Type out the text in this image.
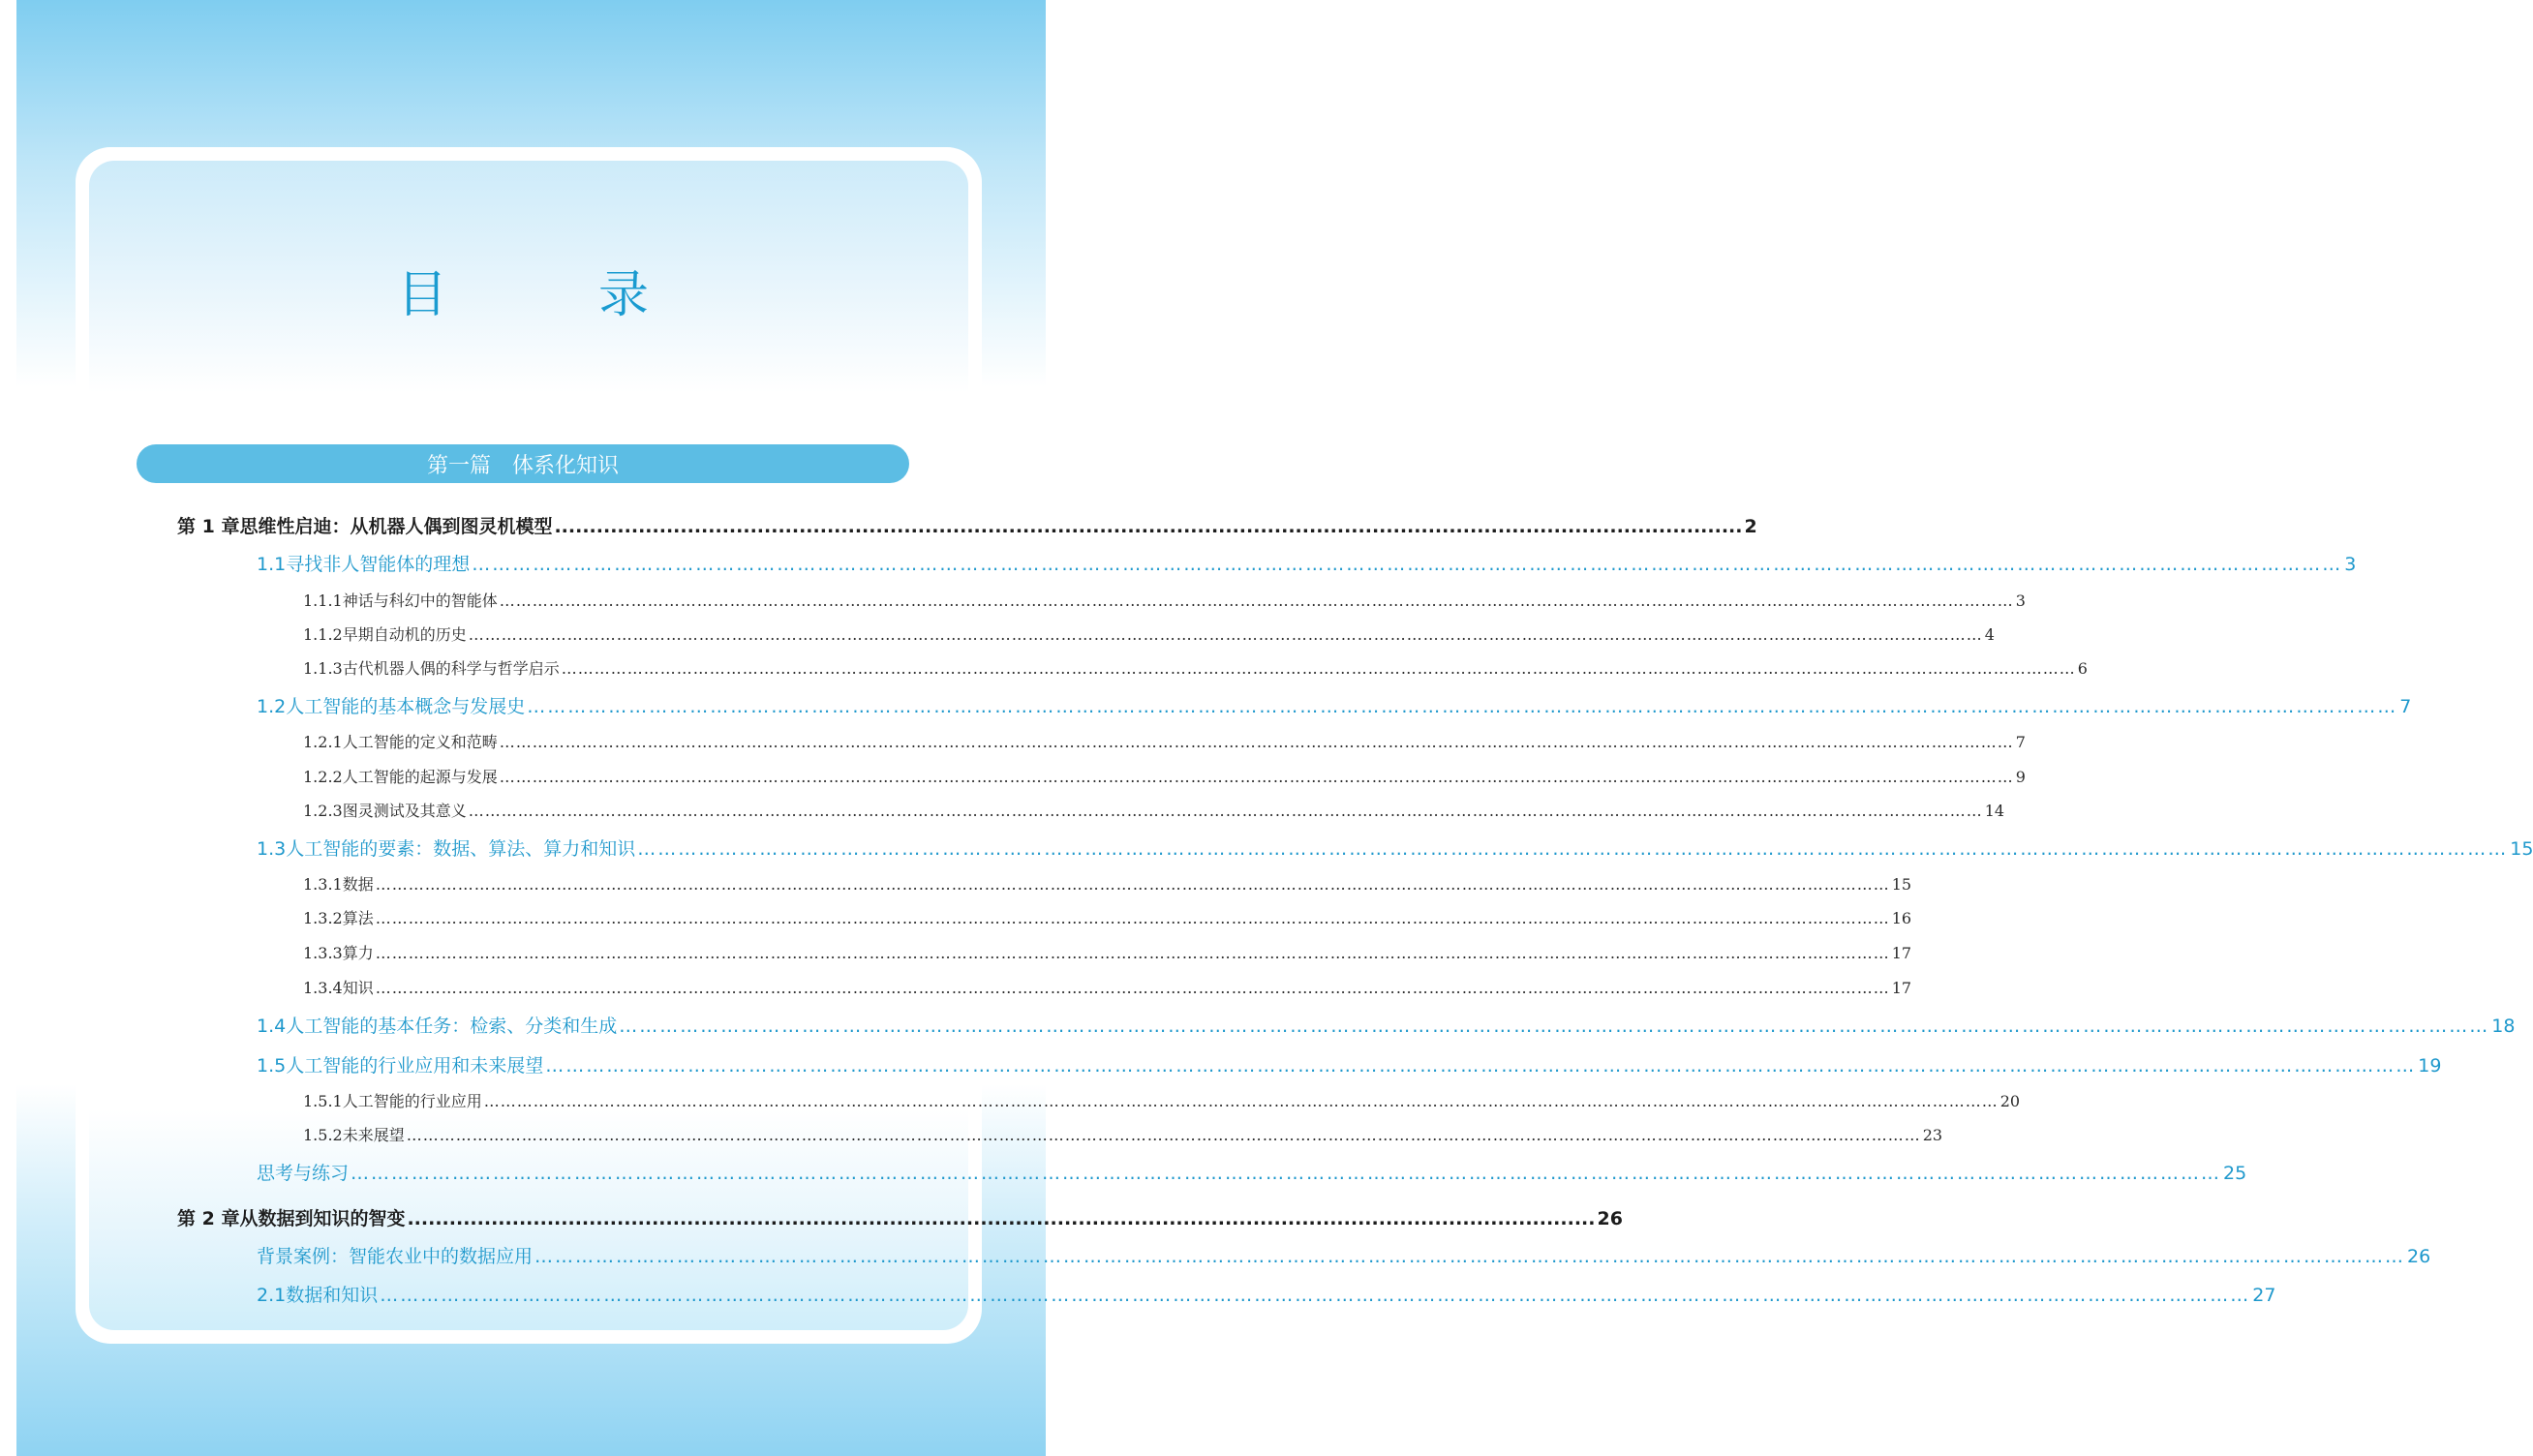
目　录
第一篇　体系化知识
第 1 章 思维性启迪：从机器人偶到图灵机模型 .......................................................................................................................................................................... 2
1.1 寻找非人智能体的理想 …………………………………………………………………………………………………………………………………………………………………………………………………………………………………………………… 3
1.1.1 神话与科幻中的智能体 …………………………………………………………………………………………………………………………………………………………………………………………………………………………………………………… 3
1.1.2 早期自动机的历史 …………………………………………………………………………………………………………………………………………………………………………………………………………………………………………………… 4
1.1.3 古代机器人偶的科学与哲学启示 …………………………………………………………………………………………………………………………………………………………………………………………………………………………………………………… 6
1.2 人工智能的基本概念与发展史 …………………………………………………………………………………………………………………………………………………………………………………………………………………………………………………… 7
1.2.1 人工智能的定义和范畴 …………………………………………………………………………………………………………………………………………………………………………………………………………………………………………………… 7
1.2.2 人工智能的起源与发展 …………………………………………………………………………………………………………………………………………………………………………………………………………………………………………………… 9
1.2.3 图灵测试及其意义 …………………………………………………………………………………………………………………………………………………………………………………………………………………………………………………… 14
1.3 人工智能的要素：数据、算法、算力和知识 …………………………………………………………………………………………………………………………………………………………………………………………………………………………………………………… 15
1.3.1 数据 …………………………………………………………………………………………………………………………………………………………………………………………………………………………………………………… 15
1.3.2 算法 …………………………………………………………………………………………………………………………………………………………………………………………………………………………………………………… 16
1.3.3 算力 …………………………………………………………………………………………………………………………………………………………………………………………………………………………………………………… 17
1.3.4 知识 …………………………………………………………………………………………………………………………………………………………………………………………………………………………………………………… 17
1.4 人工智能的基本任务：检索、分类和生成 …………………………………………………………………………………………………………………………………………………………………………………………………………………………………………………… 18
1.5 人工智能的行业应用和未来展望 …………………………………………………………………………………………………………………………………………………………………………………………………………………………………………………… 19
1.5.1 人工智能的行业应用 …………………………………………………………………………………………………………………………………………………………………………………………………………………………………………………… 20
1.5.2 未来展望 …………………………………………………………………………………………………………………………………………………………………………………………………………………………………………………… 23
思考与练习 …………………………………………………………………………………………………………………………………………………………………………………………………………………………………………………… 25
第 2 章 从数据到知识的智变 .......................................................................................................................................................................... 26
背景案例：智能农业中的数据应用 …………………………………………………………………………………………………………………………………………………………………………………………………………………………………………………… 26
2.1 数据和知识 …………………………………………………………………………………………………………………………………………………………………………………………………………………………………………………… 27
